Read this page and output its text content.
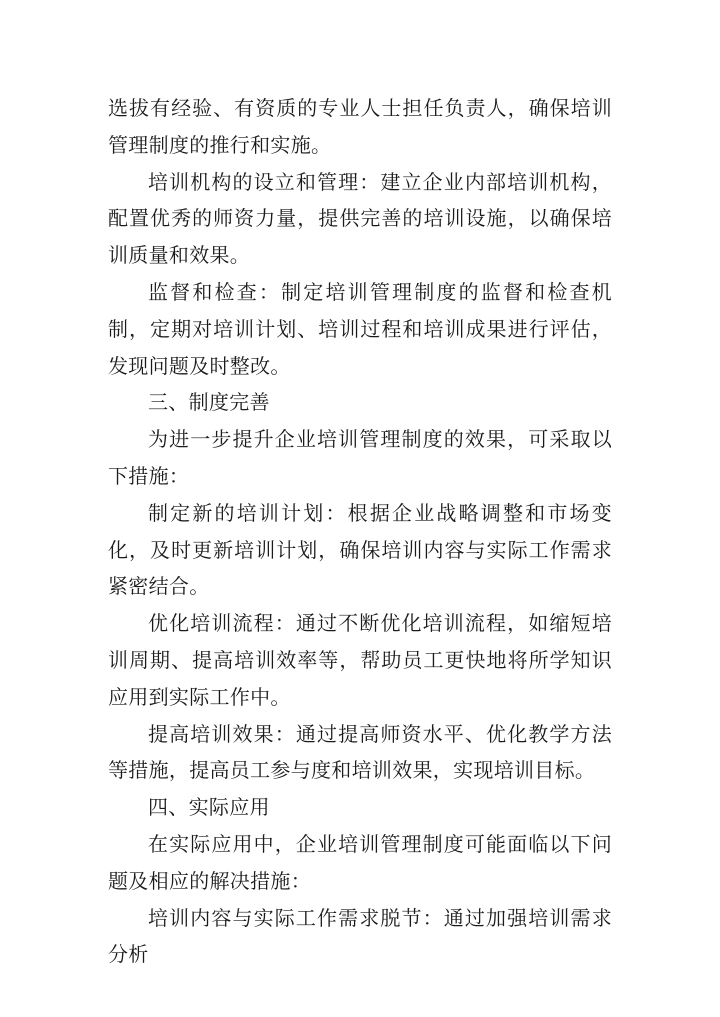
选拔有经验、有资质的专业人士担任负责人，确保培训管理制度的推行和实施。

培训机构的设立和管理：建立企业内部培训机构，配置优秀的师资力量，提供完善的培训设施，以确保培训质量和效果。

监督和检查：制定培训管理制度的监督和检查机制，定期对培训计划、培训过程和培训成果进行评估，发现问题及时整改。

三、制度完善

为进一步提升企业培训管理制度的效果，可采取以下措施：

制定新的培训计划：根据企业战略调整和市场变化，及时更新培训计划，确保培训内容与实际工作需求紧密结合。

优化培训流程：通过不断优化培训流程，如缩短培训周期、提高培训效率等，帮助员工更快地将所学知识应用到实际工作中。

提高培训效果：通过提高师资水平、优化教学方法等措施，提高员工参与度和培训效果，实现培训目标。

四、实际应用

在实际应用中，企业培训管理制度可能面临以下问题及相应的解决措施：

培训内容与实际工作需求脱节：通过加强培训需求分析
